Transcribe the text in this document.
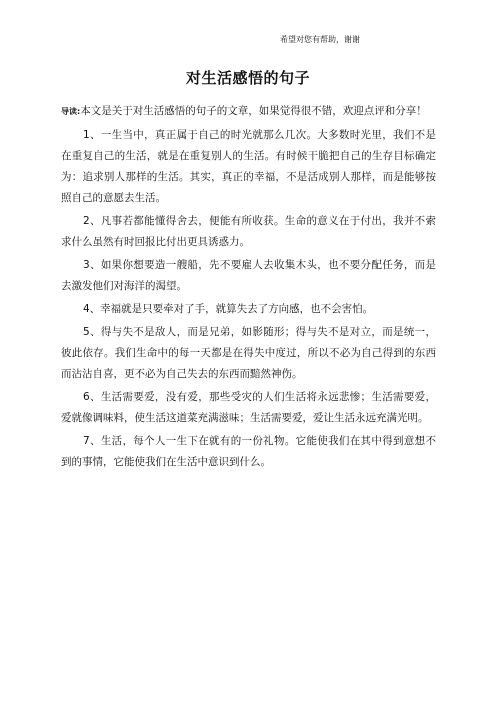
希望对您有帮助，谢谢
对生活感悟的句子

导读:本文是关于对生活感悟的句子的文章，如果觉得很不错，欢迎点评和分享！

1、一生当中，真正属于自己的时光就那么几次。大多数时光里，我们不是在重复自己的生活，就是在重复别人的生活。有时候干脆把自己的生存目标确定为：追求别人那样的生活。其实，真正的幸福，不是活成别人那样，而是能够按照自己的意愿去生活。

2、凡事若都能懂得舍去，便能有所收获。生命的意义在于付出，我并不索求什么虽然有时回报比付出更具诱惑力。

3、如果你想要造一艘船，先不要雇人去收集木头，也不要分配任务，而是去激发他们对海洋的渴望。

4、幸福就是只要牵对了手，就算失去了方向感，也不会害怕。

5、得与失不是敌人，而是兄弟，如影随形；得与失不是对立，而是统一，彼此依存。我们生命中的每一天都是在得失中度过，所以不必为自己得到的东西而沾沾自喜，更不必为自己失去的东西而黯然神伤。

6、生活需要爱，没有爱，那些受灾的人们生活将永远悲惨；生活需要爱，爱就像调味料，使生活这道菜充满滋味；生活需要爱，爱让生活永远充满光明。

7、生活，每个人一生下在就有的一份礼物。它能使我们在其中得到意想不到的事情，它能使我们在生活中意识到什么。
